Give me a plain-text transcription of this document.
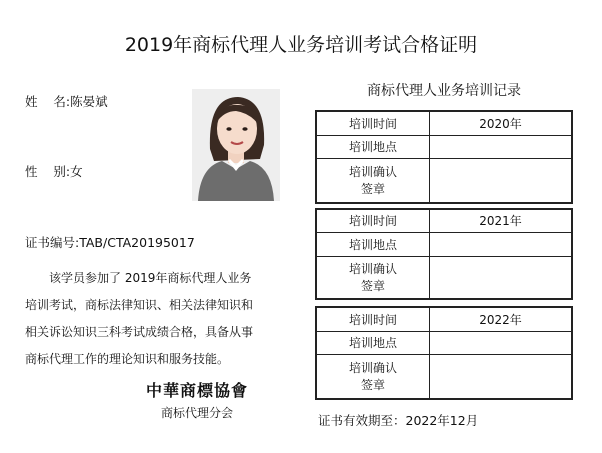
2019年商标代理人业务培训考试合格证明
姓    名:陈晏斌
性    别:女
证书编号:TAB/CTA20195017
该学员参加了 2019年商标代理人业务
培训考试，商标法律知识、相关法律知识和
相关诉讼知识三科考试成绩合格，具备从事
商标代理工作的理论知识和服务技能。
中華商標協會
商标代理分会
商标代理人业务培训记录
培训时间	2020年
培训地点	

培训确认
签章	

培训时间	2021年
培训地点	

培训确认
签章	

培训时间	2022年
培训地点	

培训确认
签章	

证书有效期至：2022年12月
